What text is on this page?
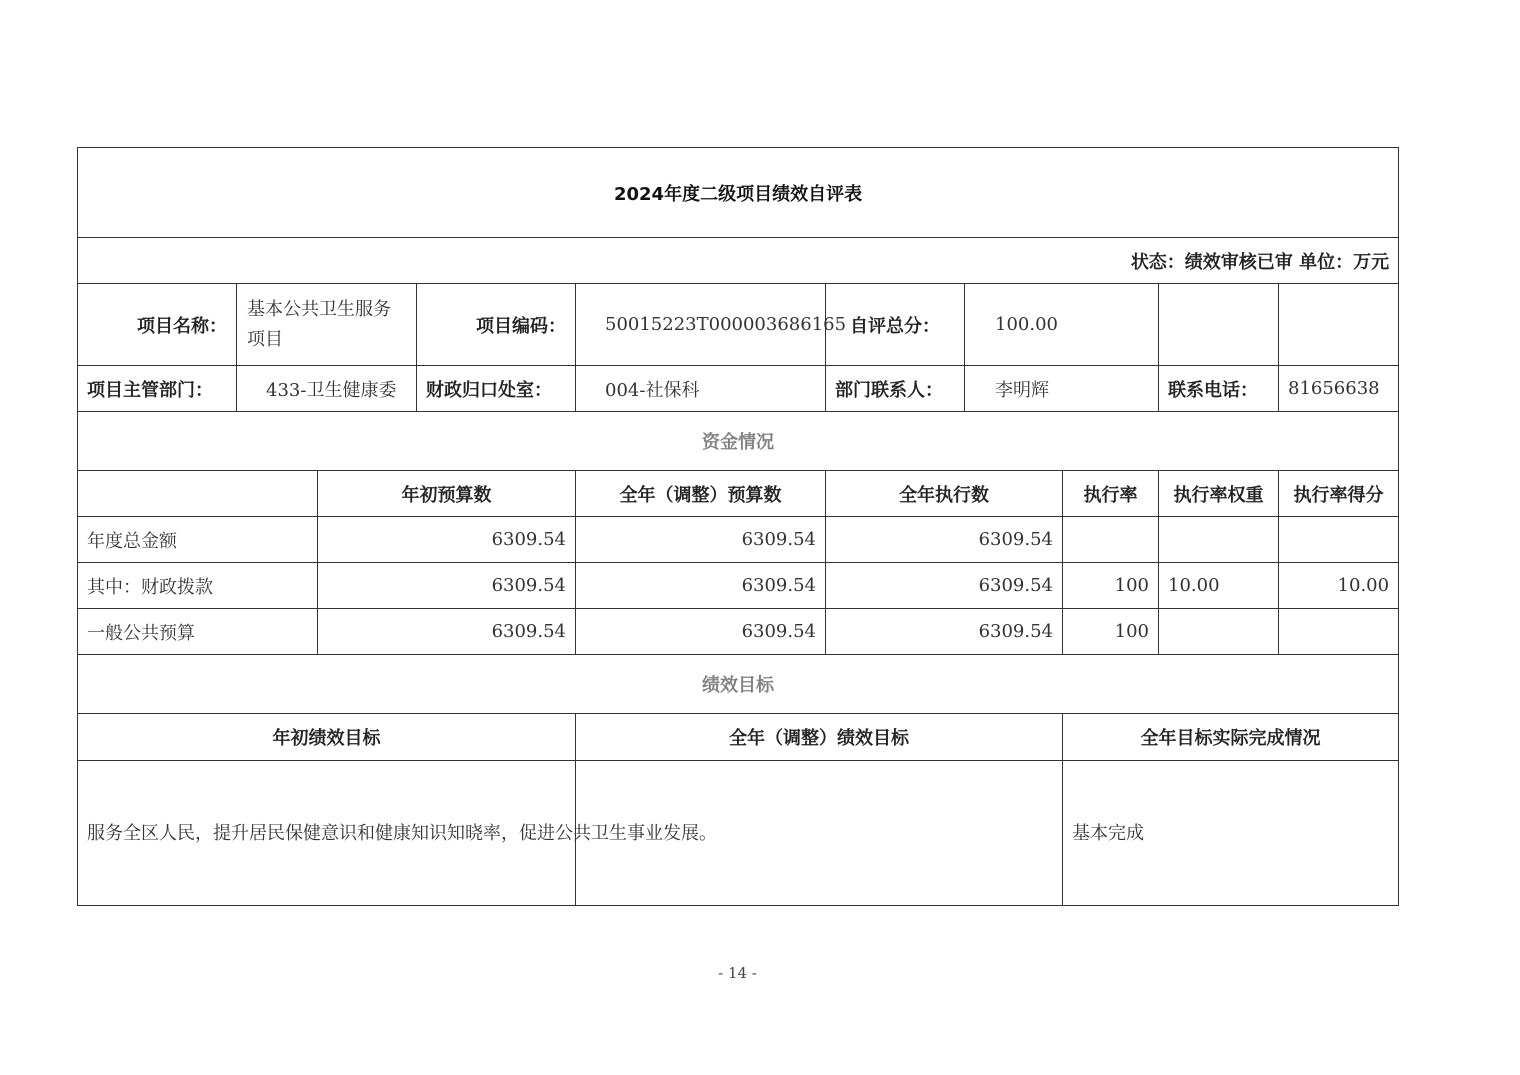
2024年度二级项目绩效自评表									
状态：绩效审核已审 单位：万元									
项目名称：	基本公共卫生服务项目		项目编码：	50015223T000003686165	自评总分：	100.00			
项目主管部门：	433-卫生健康委		财政归口处室：	004-社保科	部门联系人：	李明辉		联系电话：	81656638
资金情况									
		年初预算数		全年（调整）预算数	全年执行数		执行率	执行率权重	执行率得分
年度总金额		6309.54		6309.54	6309.54				
其中：财政拨款		6309.54		6309.54	6309.54		100	10.00	10.00
一般公共预算		6309.54		6309.54	6309.54		100		
绩效目标									
年初绩效目标				全年（调整）绩效目标			全年目标实际完成情况		
服务全区人民，提升居民保健意识和健康知识知晓率，促进公共卫生事业发展。							基本完成		
- 14 -
